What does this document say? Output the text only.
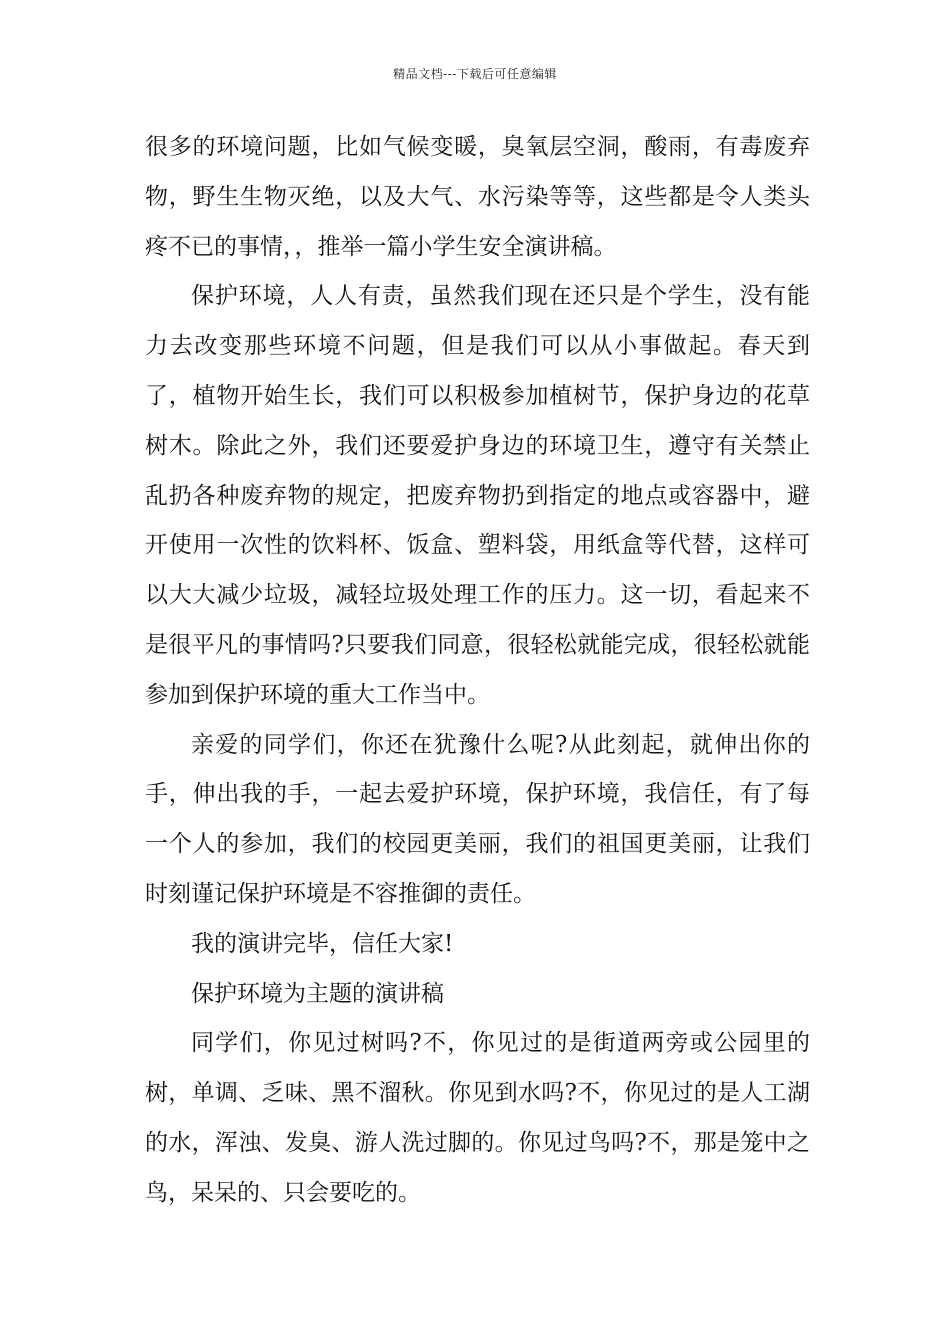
精品文档---下载后可任意编辑

很多的环境问题，比如气候变暖，臭氧层空洞，酸雨，有毒废弃物，野生生物灭绝，以及大气、水污染等等，这些都是令人类头疼不已的事情，，推举一篇小学生安全演讲稿。

保护环境，人人有责，虽然我们现在还只是个学生，没有能力去改变那些环境不问题，但是我们可以从小事做起。春天到了，植物开始生长，我们可以积极参加植树节，保护身边的花草树木。除此之外，我们还要爱护身边的环境卫生，遵守有关禁止乱扔各种废弃物的规定，把废弃物扔到指定的地点或容器中，避开使用一次性的饮料杯、饭盒、塑料袋，用纸盒等代替，这样可以大大减少垃圾，减轻垃圾处理工作的压力。这一切，看起来不是很平凡的事情吗?只要我们同意，很轻松就能完成，很轻松就能参加到保护环境的重大工作当中。

亲爱的同学们，你还在犹豫什么呢?从此刻起，就伸出你的手，伸出我的手，一起去爱护环境，保护环境，我信任，有了每一个人的参加，我们的校园更美丽，我们的祖国更美丽，让我们时刻谨记保护环境是不容推御的责任。

我的演讲完毕，信任大家!

保护环境为主题的演讲稿

同学们，你见过树吗?不，你见过的是街道两旁或公园里的树，单调、乏味、黑不溜秋。你见到水吗?不，你见过的是人工湖的水，浑浊、发臭、游人洗过脚的。你见过鸟吗?不，那是笼中之鸟，呆呆的、只会要吃的。
